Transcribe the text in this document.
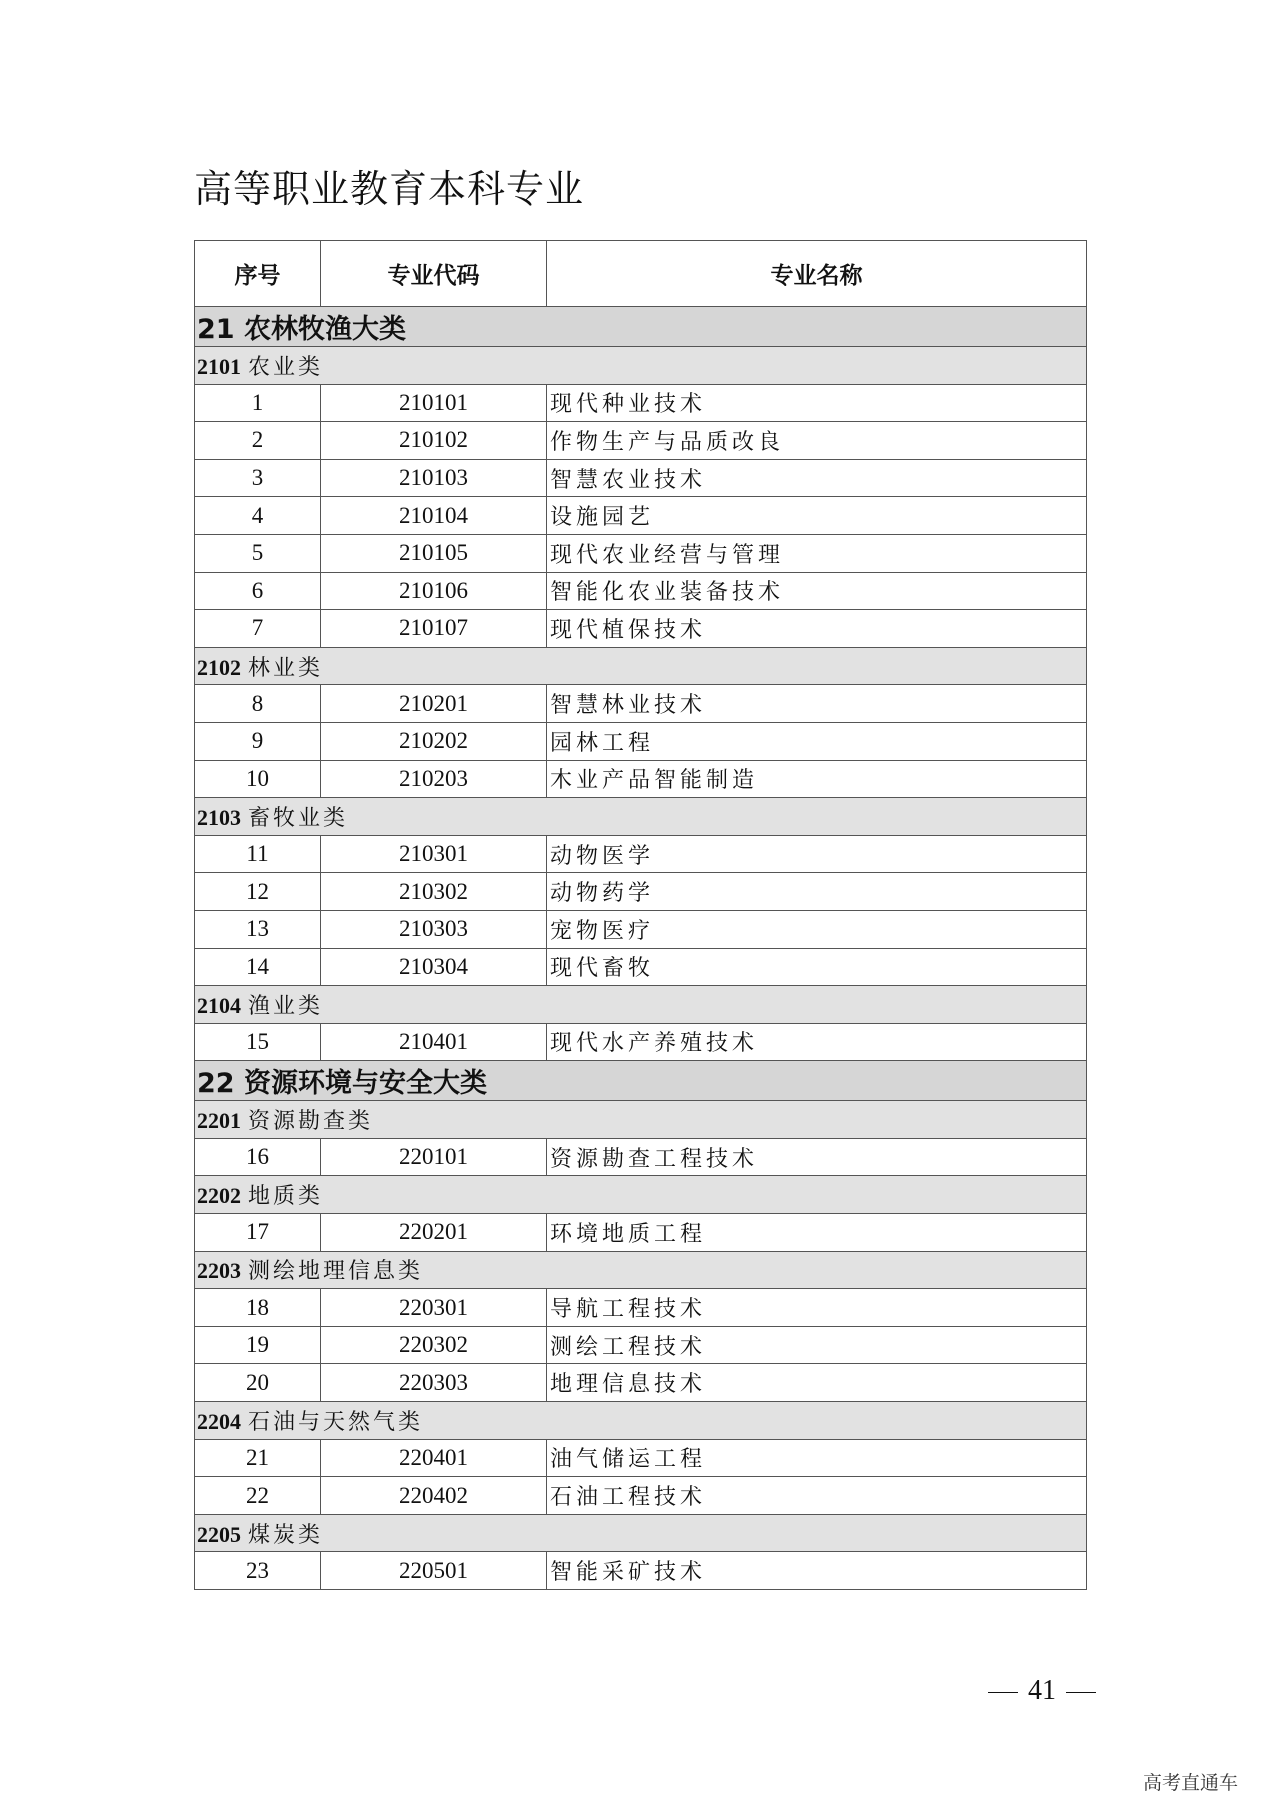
高等职业教育本科专业
序号	专业代码	专业名称
21 农林牧渔大类		
2101 农业类		
1	210101	现代种业技术
2	210102	作物生产与品质改良
3	210103	智慧农业技术
4	210104	设施园艺
5	210105	现代农业经营与管理
6	210106	智能化农业装备技术
7	210107	现代植保技术
2102 林业类		
8	210201	智慧林业技术
9	210202	园林工程
10	210203	木业产品智能制造
2103 畜牧业类		
11	210301	动物医学
12	210302	动物药学
13	210303	宠物医疗
14	210304	现代畜牧
2104 渔业类		
15	210401	现代水产养殖技术
22 资源环境与安全大类		
2201 资源勘查类		
16	220101	资源勘查工程技术
2202 地质类		
17	220201	环境地质工程
2203 测绘地理信息类		
18	220301	导航工程技术
19	220302	测绘工程技术
20	220303	地理信息技术
2204 石油与天然气类		
21	220401	油气储运工程
22	220402	石油工程技术
2205 煤炭类		
23	220501	智能采矿技术
41
高考直通车
